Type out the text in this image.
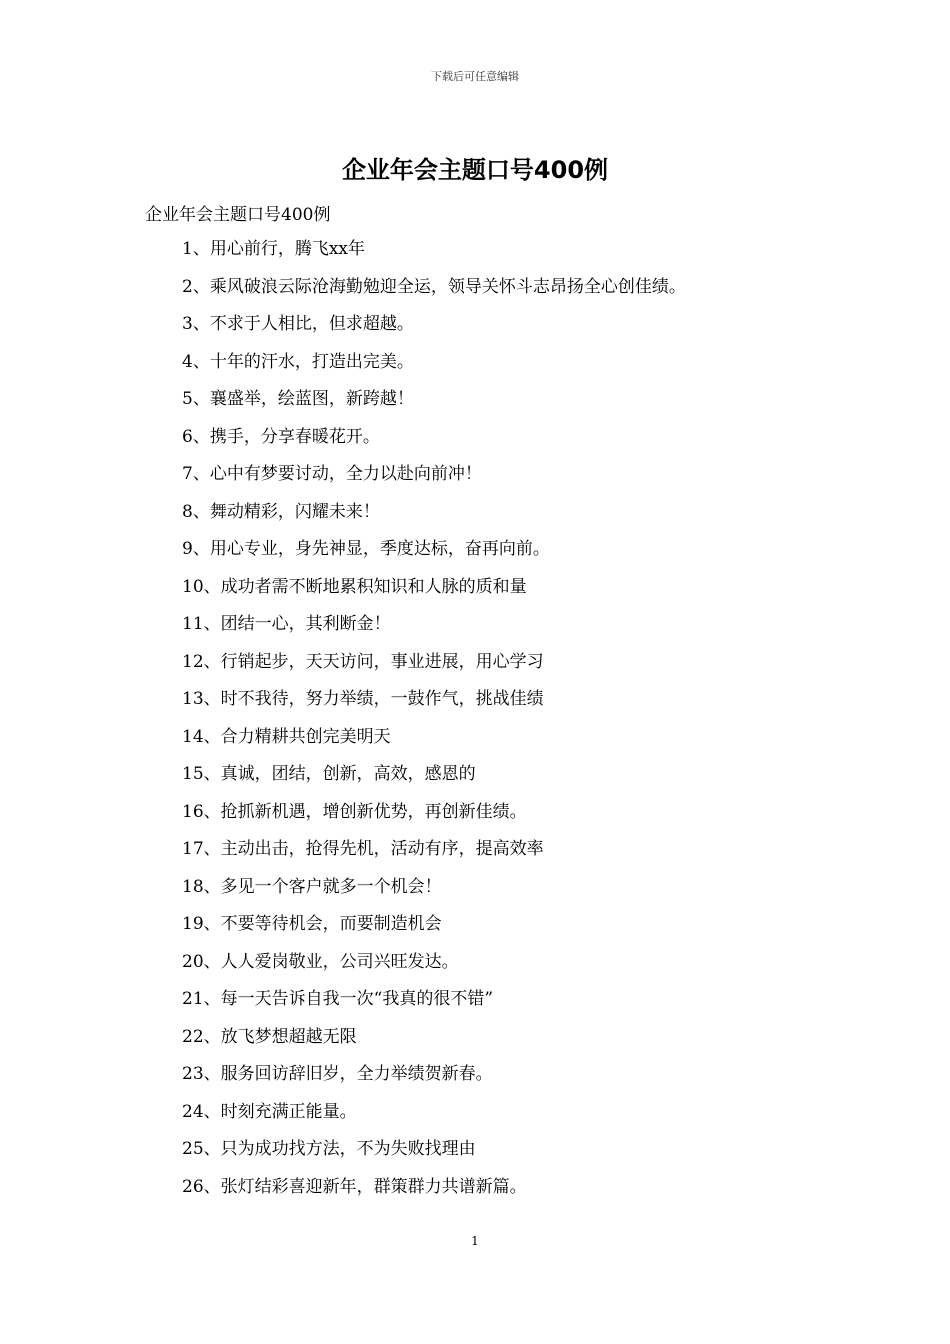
下载后可任意编辑
企业年会主题口号400例
企业年会主题口号400例
1、用心前行，腾飞xx年
2、乘风破浪云际沧海勤勉迎全运，领导关怀斗志昂扬全心创佳绩。
3、不求于人相比，但求超越。
4、十年的汗水，打造出完美。
5、襄盛举，绘蓝图，新跨越！
6、携手，分享春暖花开。
7、心中有梦要讨动，全力以赴向前冲！
8、舞动精彩，闪耀未来！
9、用心专业，身先神显，季度达标，奋再向前。
10、成功者需不断地累积知识和人脉的质和量
11、团结一心，其利断金！
12、行销起步，天天访问，事业进展，用心学习
13、时不我待，努力举绩，一鼓作气，挑战佳绩
14、合力精耕共创完美明天
15、真诚，团结，创新，高效，感恩的
16、抢抓新机遇，增创新优势，再创新佳绩。
17、主动出击，抢得先机，活动有序，提高效率
18、多见一个客户就多一个机会！
19、不要等待机会，而要制造机会
20、人人爱岗敬业，公司兴旺发达。
21、每一天告诉自我一次“我真的很不错”
22、放飞梦想超越无限
23、服务回访辞旧岁，全力举绩贺新春。
24、时刻充满正能量。
25、只为成功找方法，不为失败找理由
26、张灯结彩喜迎新年，群策群力共谱新篇。
1
